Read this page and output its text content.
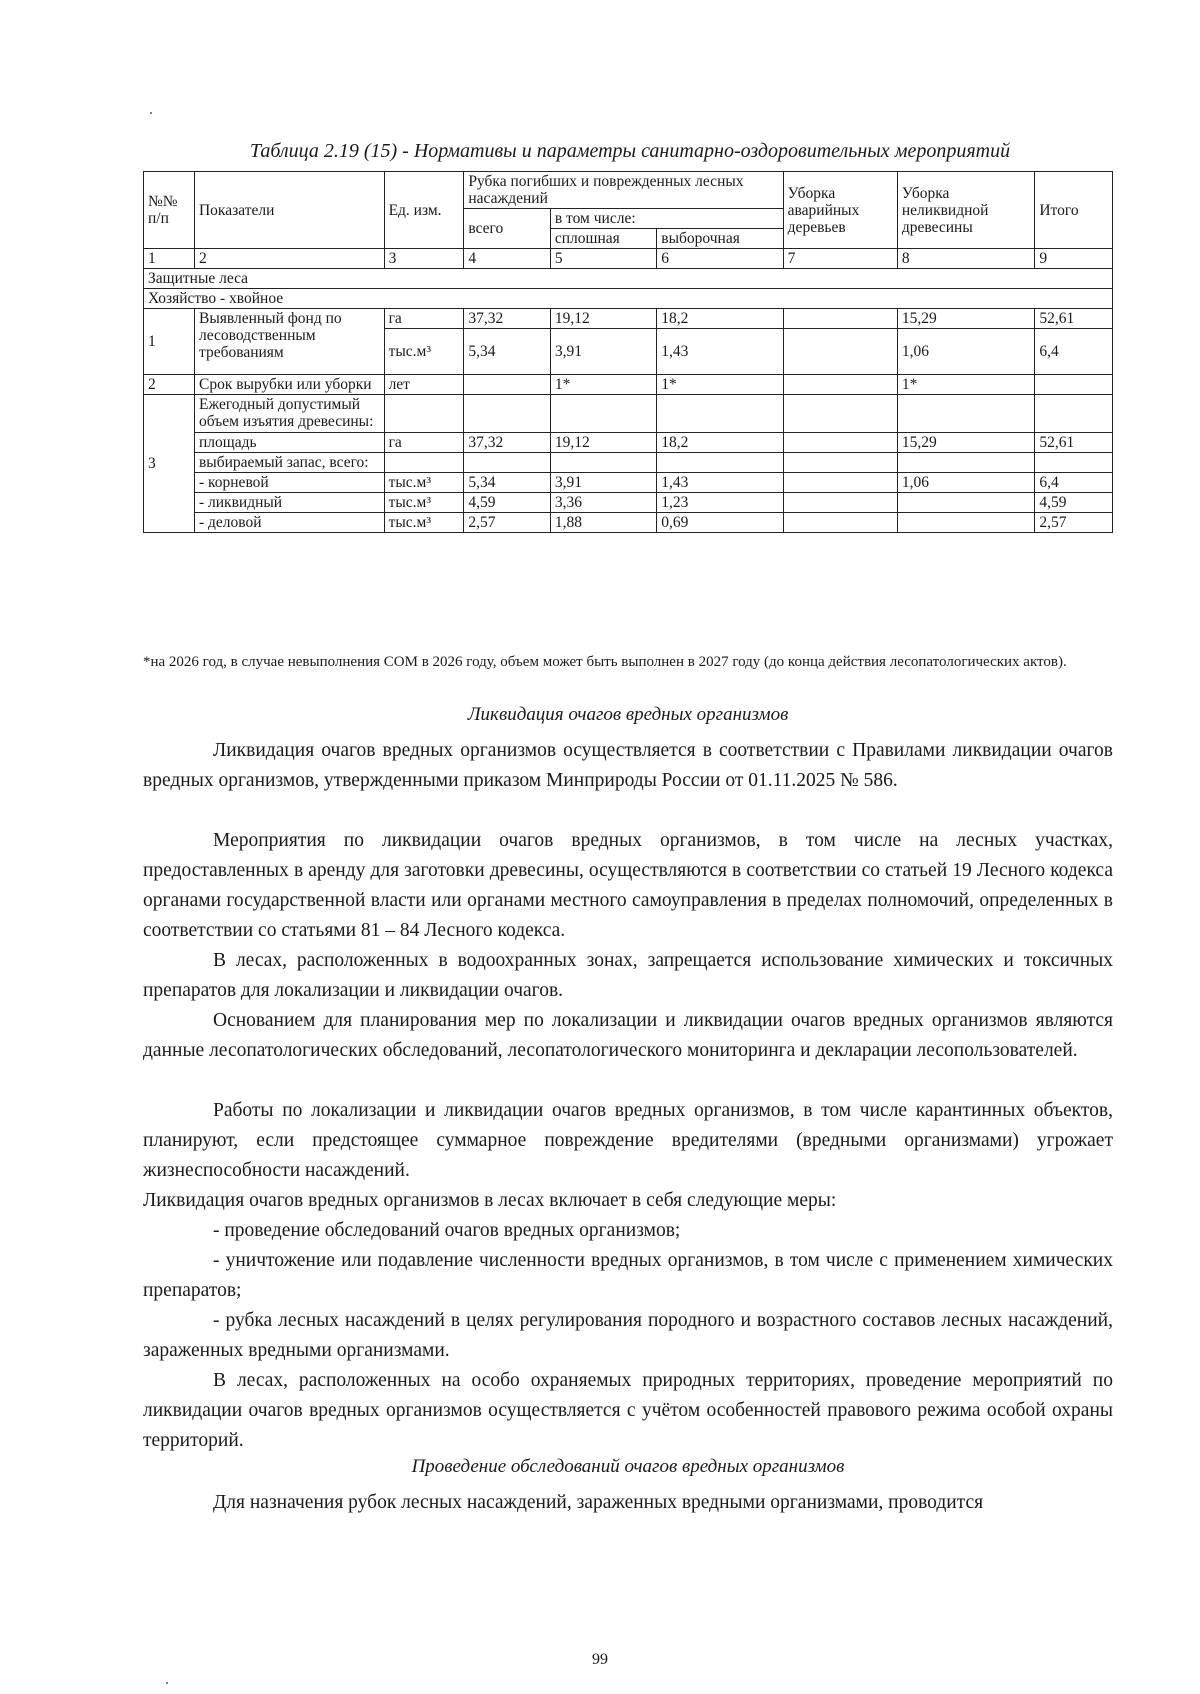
Таблица 2.19 (15) - Нормативы и параметры санитарно-оздоровительных мероприятий
№№ п/п	Показатели	Ед. изм.	Рубка погибших и поврежденных лесных насаждений			Уборка аварийных деревьев	Уборка неликвидной древесины	Итого
			всего	в том числе:				
				сплошная	выборочная			
1	2	3	4	5	6	7	8	9
Защитные леса								
Хозяйство - хвойное								
1	Выявленный фонд по лесоводственным требованиям	га	37,32	19,12	18,2		15,29	52,61
		тыс.м³	5,34	3,91	1,43		1,06	6,4
2	Срок вырубки или уборки	лет		1*	1*		1*	
3	Ежегодный допустимый объем изъятия древесины:							
	площадь	га	37,32	19,12	18,2		15,29	52,61
	выбираемый запас, всего:							
	- корневой	тыс.м³	5,34	3,91	1,43		1,06	6,4
	- ликвидный	тыс.м³	4,59	3,36	1,23			4,59
	- деловой	тыс.м³	2,57	1,88	0,69			2,57
*на 2026 год, в случае невыполнения СОМ в 2026 году, объем может быть выполнен в 2027 году (до конца действия лесопатологических актов).
Ликвидация очагов вредных организмов
Ликвидация очагов вредных организмов осуществляется в соответствии с Правилами ликвидации очагов вредных организмов, утвержденными приказом Минприроды России от 01.11.2025 № 586.
Мероприятия по ликвидации очагов вредных организмов, в том числе на лесных участках, предоставленных в аренду для заготовки древесины, осуществляются в соответствии со статьей 19 Лесного кодекса органами государственной власти или органами местного самоуправления в пределах полномочий, определенных в соответствии со статьями 81 – 84 Лесного кодекса.
В лесах, расположенных в водоохранных зонах, запрещается использование химических и токсичных препаратов для локализации и ликвидации очагов.
Основанием для планирования мер по локализации и ликвидации очагов вредных организмов являются данные лесопатологических обследований, лесопатологического мониторинга и декларации лесопользователей.
Работы по локализации и ликвидации очагов вредных организмов, в том числе карантинных объектов, планируют, если предстоящее суммарное повреждение вредителями (вредными организмами) угрожает жизнеспособности насаждений.
Ликвидация очагов вредных организмов в лесах включает в себя следующие меры:
- проведение обследований очагов вредных организмов;
- уничтожение или подавление численности вредных организмов, в том числе с применением химических препаратов;
- рубка лесных насаждений в целях регулирования породного и возрастного составов лесных насаждений, зараженных вредными организмами.
В лесах, расположенных на особо охраняемых природных территориях, проведение мероприятий по ликвидации очагов вредных организмов осуществляется с учётом особенностей правового режима особой охраны территорий.
Проведение обследований очагов вредных организмов
Для назначения рубок лесных насаждений, зараженных вредными организмами, проводится
99
